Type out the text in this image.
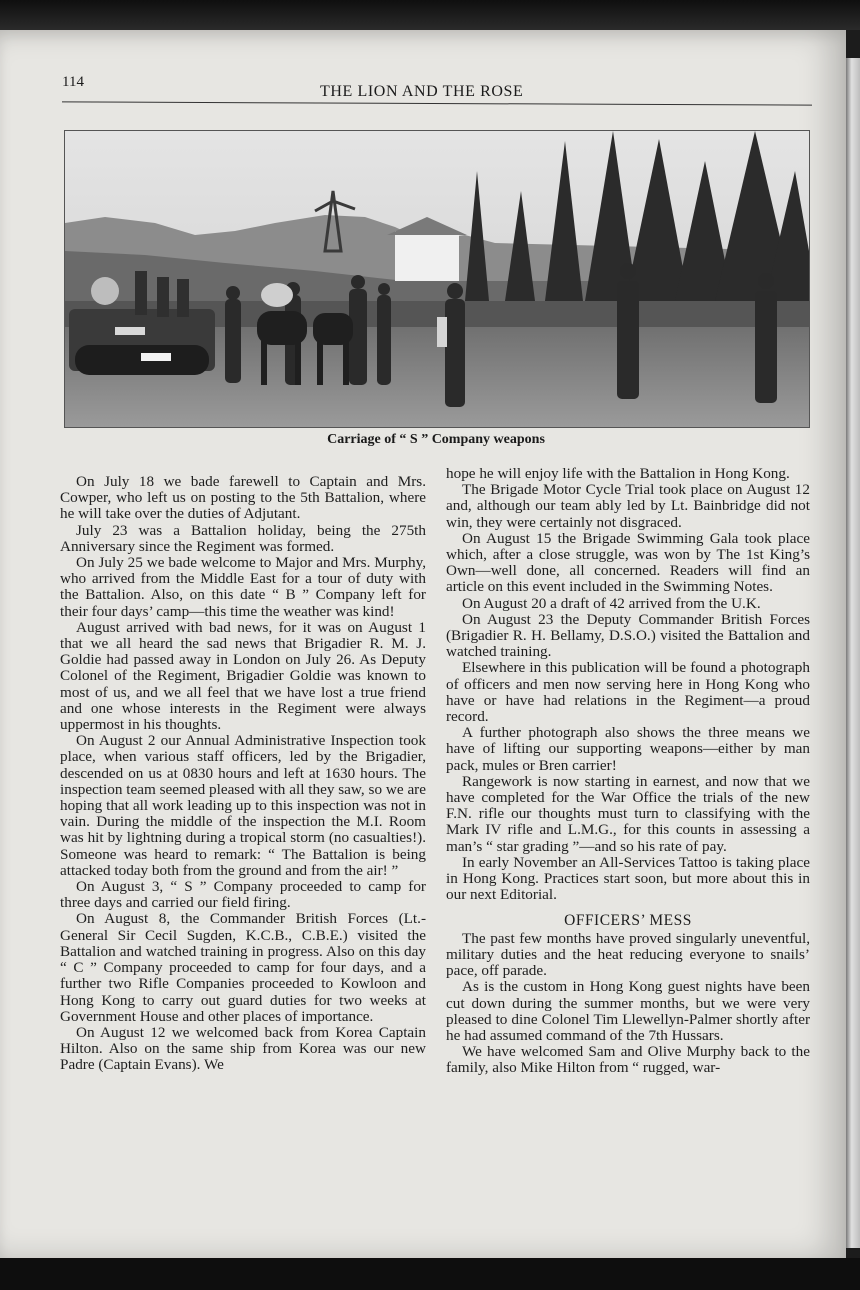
114
THE LION AND THE ROSE
Carriage of “ S ” Company weapons

On July 18 we bade farewell to Captain and Mrs. Cowper, who left us on posting to the 5th Battalion, where he will take over the duties of Adjutant.

July 23 was a Battalion holiday, being the 275th Anniversary since the Regiment was formed.

On July 25 we bade welcome to Major and Mrs. Murphy, who arrived from the Middle East for a tour of duty with the Battalion. Also, on this date “ B ” Company left for their four days’ camp—this time the weather was kind!

August arrived with bad news, for it was on August 1 that we all heard the sad news that Brigadier R. M. J. Goldie had passed away in London on July 26. As Deputy Colonel of the Regiment, Brigadier Goldie was known to most of us, and we all feel that we have lost a true friend and one whose interests in the Regiment were always uppermost in his thoughts.

On August 2 our Annual Administrative Inspection took place, when various staff officers, led by the Brigadier, descended on us at 0830 hours and left at 1630 hours. The inspection team seemed pleased with all they saw, so we are hoping that all work leading up to this inspection was not in vain. During the middle of the inspection the M.I. Room was hit by lightning during a tropical storm (no casualties!). Someone was heard to remark: “ The Battalion is being attacked today both from the ground and from the air! ”

On August 3, “ S ” Company proceeded to camp for three days and carried our field firing.

On August 8, the Commander British Forces (Lt.-General Sir Cecil Sugden, K.C.B., C.B.E.) visited the Battalion and watched training in progress. Also on this day “ C ” Company proceeded to camp for four days, and a further two Rifle Companies proceeded to Kowloon and Hong Kong to carry out guard duties for two weeks at Government House and other places of importance.

On August 12 we welcomed back from Korea Captain Hilton. Also on the same ship from Korea was our new Padre (Captain Evans). We

hope he will enjoy life with the Battalion in Hong Kong.

The Brigade Motor Cycle Trial took place on August 12 and, although our team ably led by Lt. Bainbridge did not win, they were certainly not disgraced.

On August 15 the Brigade Swimming Gala took place which, after a close struggle, was won by The 1st King’s Own—well done, all concerned. Readers will find an article on this event included in the Swimming Notes.

On August 20 a draft of 42 arrived from the U.K.

On August 23 the Deputy Commander British Forces (Brigadier R. H. Bellamy, D.S.O.) visited the Battalion and watched training.

Elsewhere in this publication will be found a photograph of officers and men now serving here in Hong Kong who have or have had relations in the Regiment—a proud record.

A further photograph also shows the three means we have of lifting our supporting weapons—either by man pack, mules or Bren carrier!

Rangework is now starting in earnest, and now that we have completed for the War Office the trials of the new F.N. rifle our thoughts must turn to classifying with the Mark IV rifle and L.M.G., for this counts in assessing a man’s “ star grading ”—and so his rate of pay.

In early November an All-Services Tattoo is taking place in Hong Kong. Practices start soon, but more about this in our next Editorial.

OFFICERS’ MESS

The past few months have proved singularly uneventful, military duties and the heat reducing everyone to snails’ pace, off parade.

As is the custom in Hong Kong guest nights have been cut down during the summer months, but we were very pleased to dine Colonel Tim Llewellyn-Palmer shortly after he had assumed command of the 7th Hussars.

We have welcomed Sam and Olive Murphy back to the family, also Mike Hilton from “ rugged, war-
